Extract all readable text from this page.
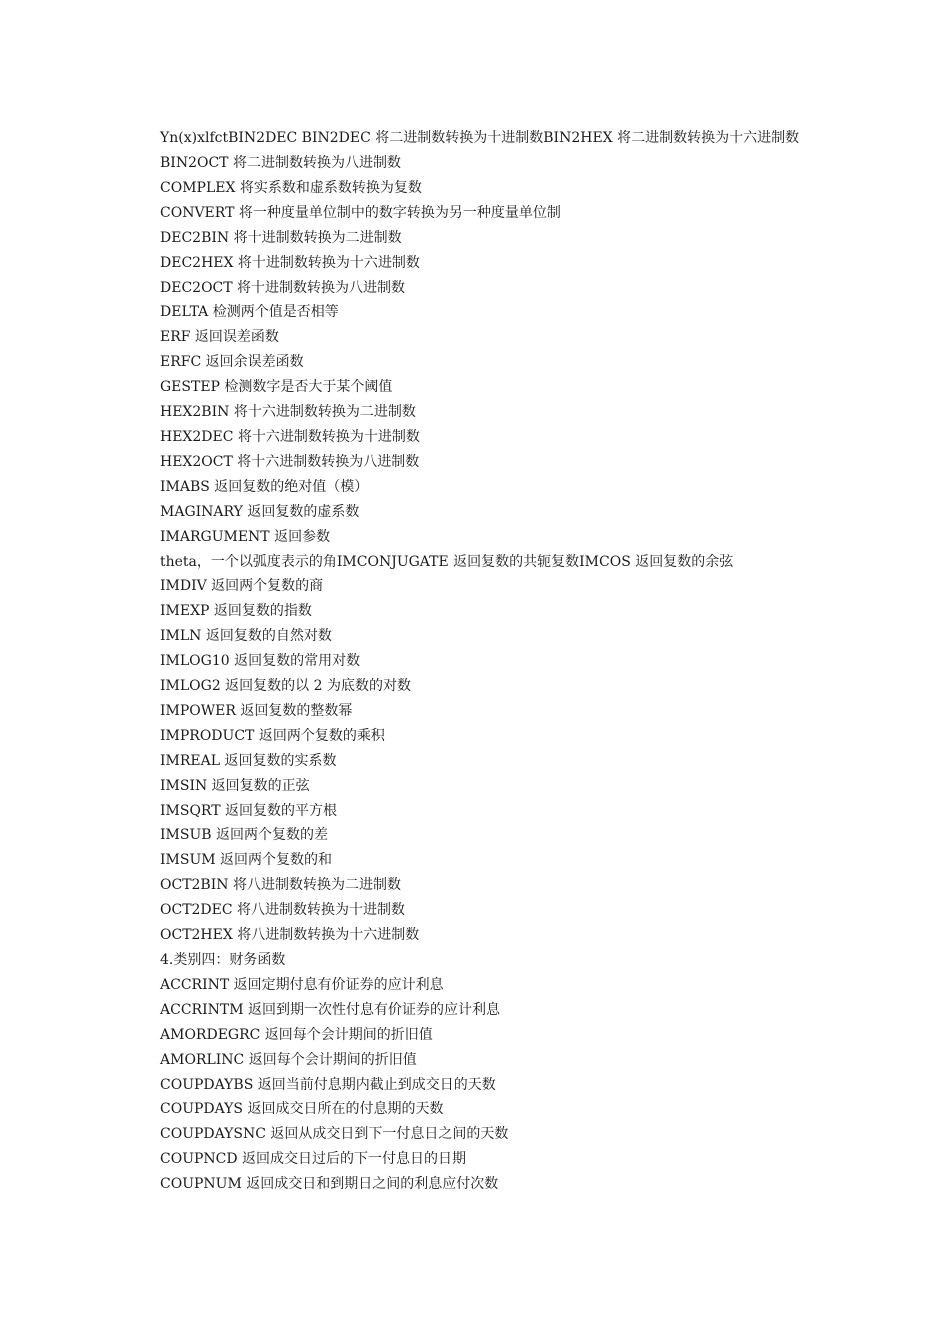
Yn(x)xlfctBIN2DEC BIN2DEC 将二进制数转换为十进制数BIN2HEX 将二进制数转换为十六进制数

BIN2OCT 将二进制数转换为八进制数

COMPLEX 将实系数和虚系数转换为复数

CONVERT 将一种度量单位制中的数字转换为另一种度量单位制

DEC2BIN 将十进制数转换为二进制数

DEC2HEX 将十进制数转换为十六进制数

DEC2OCT 将十进制数转换为八进制数

DELTA 检测两个值是否相等

ERF 返回误差函数

ERFC 返回余误差函数

GESTEP 检测数字是否大于某个阈值

HEX2BIN 将十六进制数转换为二进制数

HEX2DEC 将十六进制数转换为十进制数

HEX2OCT 将十六进制数转换为八进制数

IMABS 返回复数的绝对值（模）

MAGINARY 返回复数的虚系数

IMARGUMENT 返回参数

theta，一个以弧度表示的角IMCONJUGATE 返回复数的共轭复数IMCOS 返回复数的余弦

IMDIV 返回两个复数的商

IMEXP 返回复数的指数

IMLN 返回复数的自然对数

IMLOG10 返回复数的常用对数

IMLOG2 返回复数的以 2 为底数的对数

IMPOWER 返回复数的整数幂

IMPRODUCT 返回两个复数的乘积

IMREAL 返回复数的实系数

IMSIN 返回复数的正弦

IMSQRT 返回复数的平方根

IMSUB 返回两个复数的差

IMSUM 返回两个复数的和

OCT2BIN 将八进制数转换为二进制数

OCT2DEC 将八进制数转换为十进制数

OCT2HEX 将八进制数转换为十六进制数

4.类别四：财务函数

ACCRINT 返回定期付息有价证券的应计利息

ACCRINTM 返回到期一次性付息有价证券的应计利息

AMORDEGRC 返回每个会计期间的折旧值

AMORLINC 返回每个会计期间的折旧值

COUPDAYBS 返回当前付息期内截止到成交日的天数

COUPDAYS 返回成交日所在的付息期的天数

COUPDAYSNC 返回从成交日到下一付息日之间的天数

COUPNCD 返回成交日过后的下一付息日的日期

COUPNUM 返回成交日和到期日之间的利息应付次数
